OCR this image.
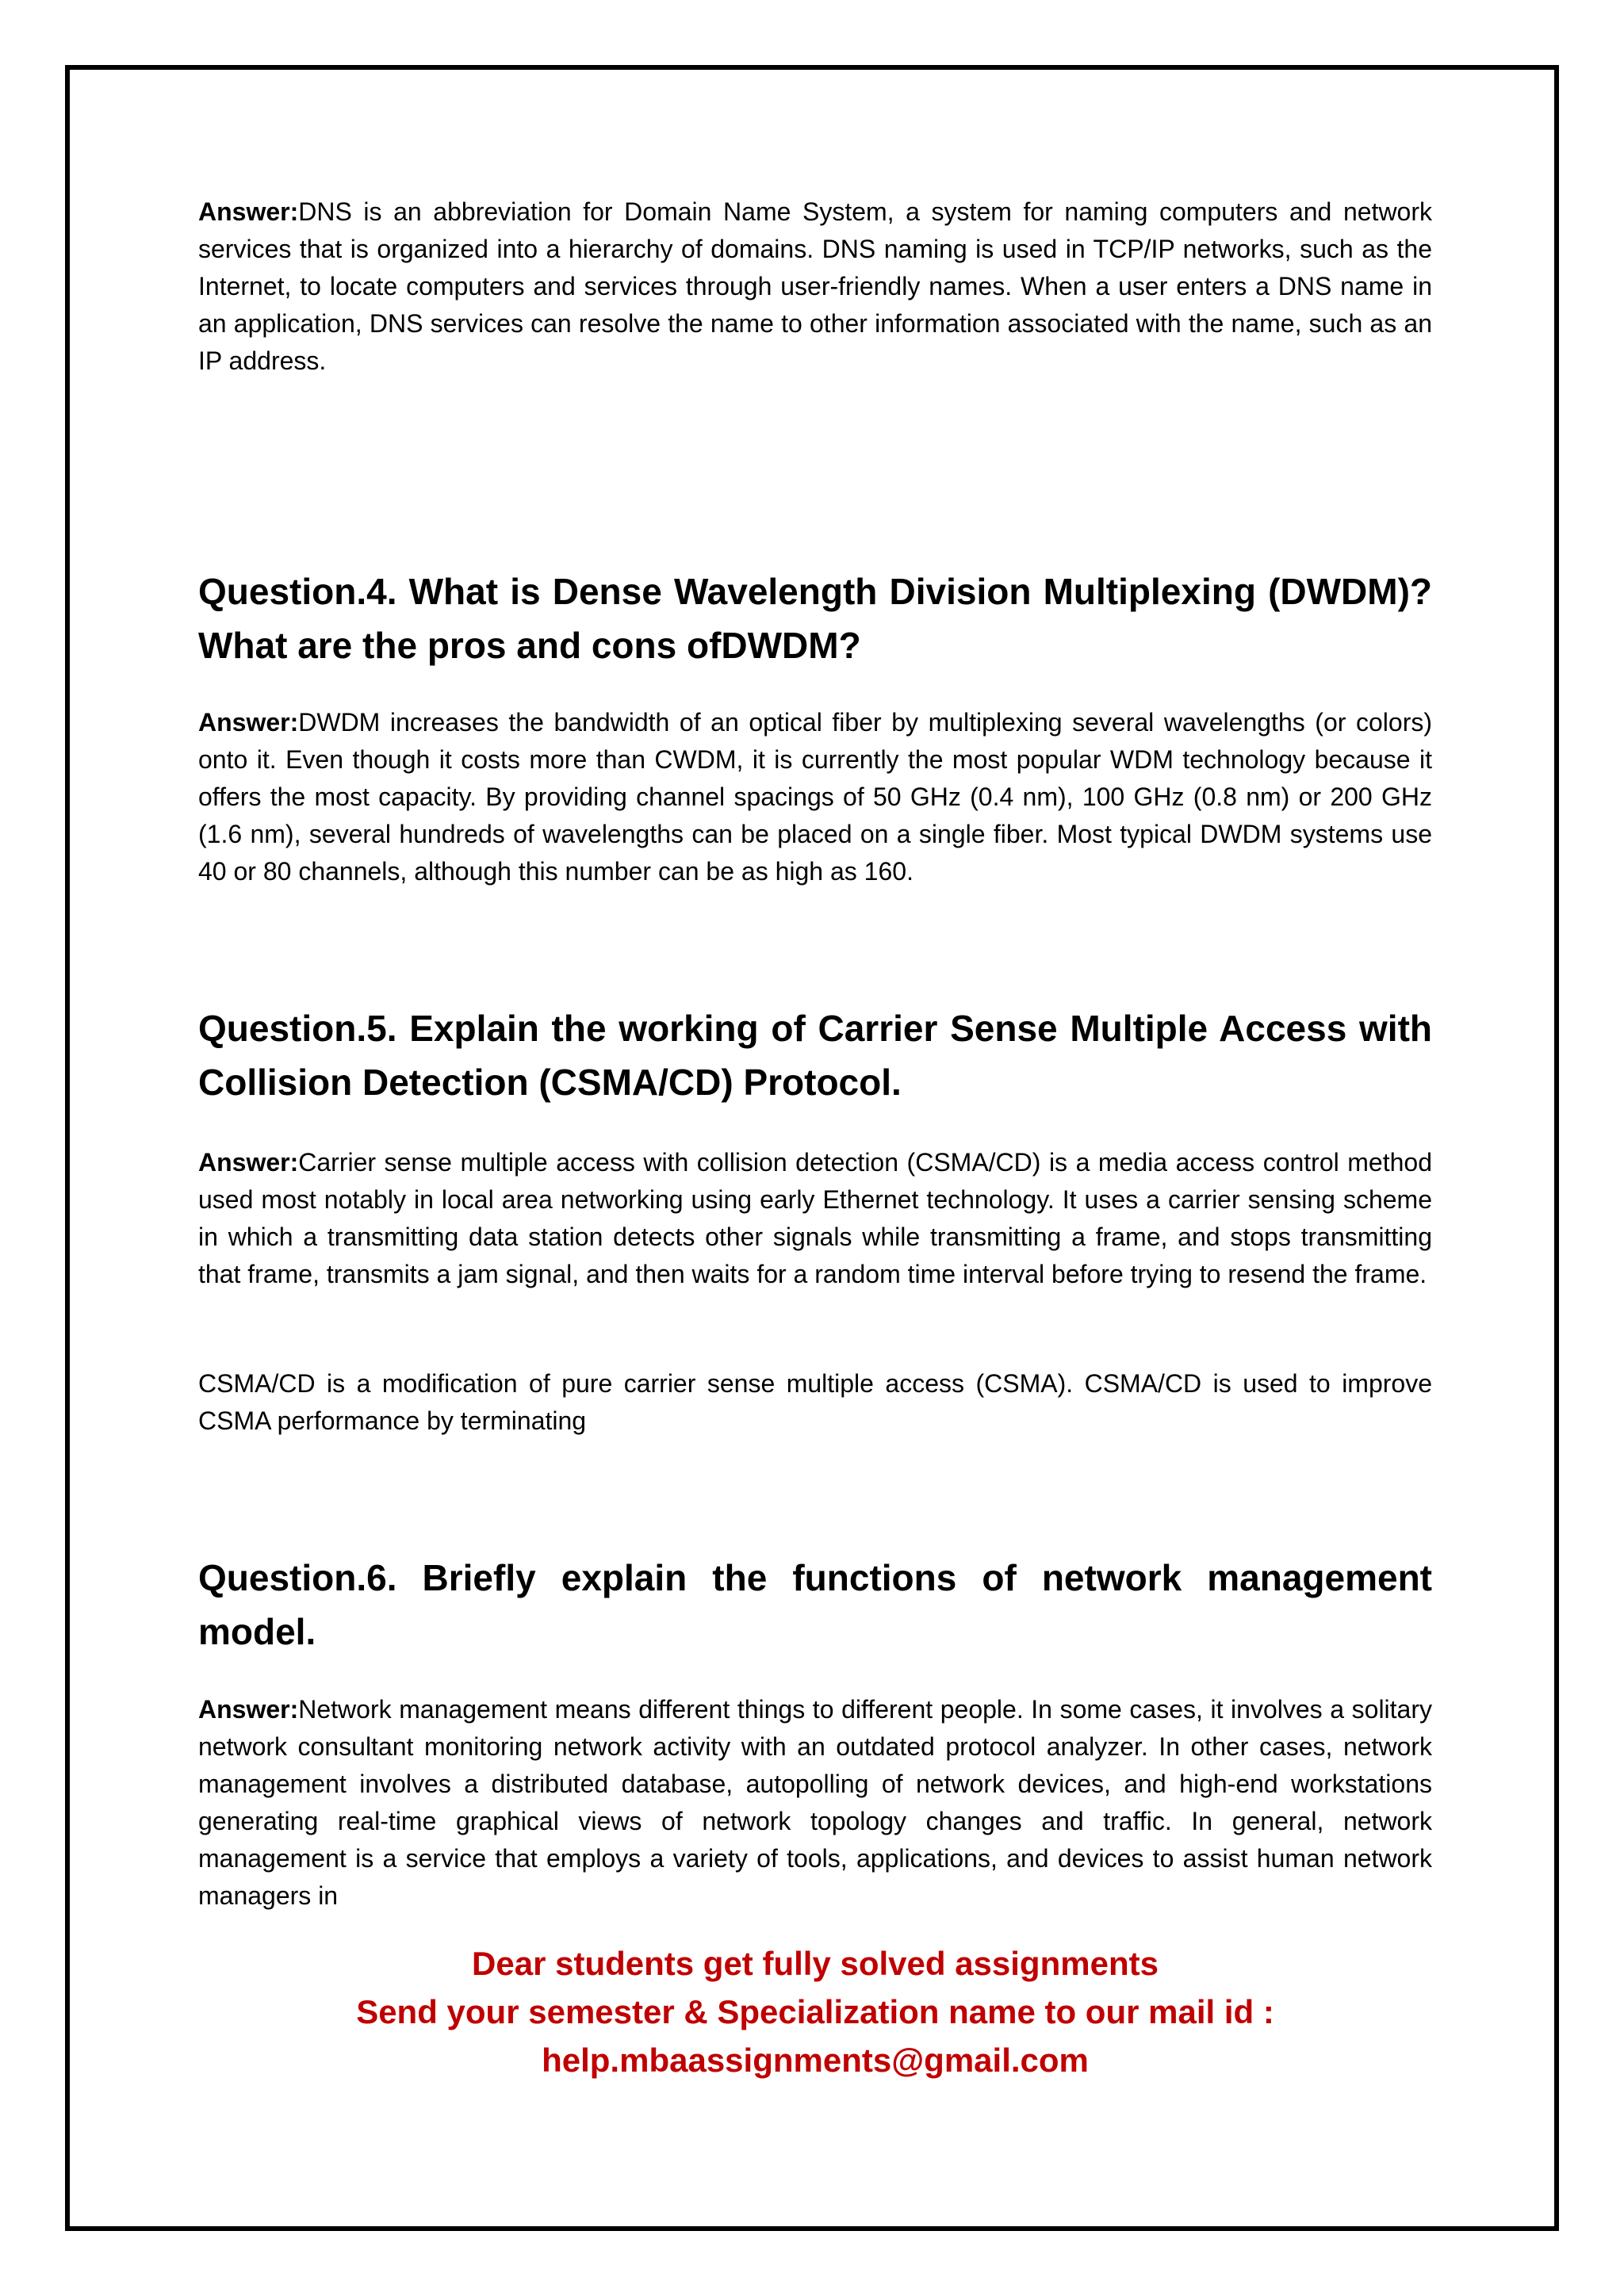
Answer:DNS is an abbreviation for Domain Name System, a system for naming computers and network services that is organized into a hierarchy of domains. DNS naming is used in TCP/IP networks, such as the Internet, to locate computers and services through user-friendly names. When a user enters a DNS name in an application, DNS services can resolve the name to other information associated with the name, such as an IP address.

Question.4. What is Dense Wavelength Division Multiplexing (DWDM)? What are the pros and cons ofDWDM?

Answer:DWDM increases the bandwidth of an optical fiber by multiplexing several wavelengths (or colors) onto it. Even though it costs more than CWDM, it is currently the most popular WDM technology because it offers the most capacity. By providing channel spacings of 50 GHz (0.4 nm), 100 GHz (0.8 nm) or 200 GHz (1.6 nm), several hundreds of wavelengths can be placed on a single fiber. Most typical DWDM systems use 40 or 80 channels, although this number can be as high as 160.

Question.5. Explain the working of Carrier Sense Multiple Access with Collision Detection (CSMA/CD) Protocol.

Answer:Carrier sense multiple access with collision detection (CSMA/CD) is a media access control method used most notably in local area networking using early Ethernet technology. It uses a carrier sensing scheme in which a transmitting data station detects other signals while transmitting a frame, and stops transmitting that frame, transmits a jam signal, and then waits for a random time interval before trying to resend the frame.

CSMA/CD is a modification of pure carrier sense multiple access (CSMA). CSMA/CD is used to improve CSMA performance by terminating

Question.6. Briefly explain the functions of network management model.

Answer:Network management means different things to different people. In some cases, it involves a solitary network consultant monitoring network activity with an outdated protocol analyzer. In other cases, network management involves a distributed database, autopolling of network devices, and high-end workstations generating real-time graphical views of network topology changes and traffic. In general, network management is a service that employs a variety of tools, applications, and devices to assist human network managers in

Dear students get fully solved assignments
Send your semester & Specialization name to our mail id :
help.mbaassignments@gmail.com
